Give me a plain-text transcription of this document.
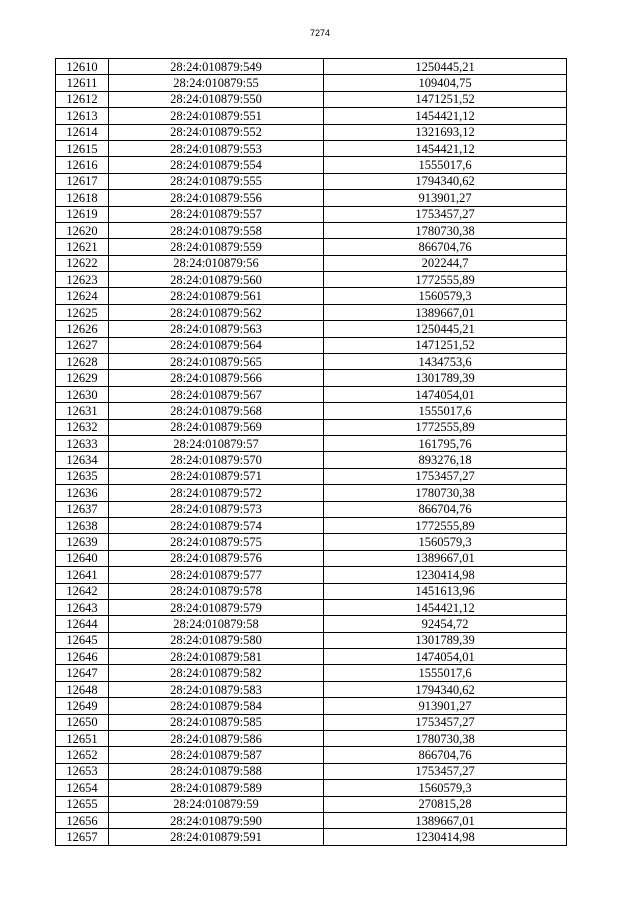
7274
12610	28:24:010879:549	1250445,21
12611	28:24:010879:55	109404,75
12612	28:24:010879:550	1471251,52
12613	28:24:010879:551	1454421,12
12614	28:24:010879:552	1321693,12
12615	28:24:010879:553	1454421,12
12616	28:24:010879:554	1555017,6
12617	28:24:010879:555	1794340,62
12618	28:24:010879:556	913901,27
12619	28:24:010879:557	1753457,27
12620	28:24:010879:558	1780730,38
12621	28:24:010879:559	866704,76
12622	28:24:010879:56	202244,7
12623	28:24:010879:560	1772555,89
12624	28:24:010879:561	1560579,3
12625	28:24:010879:562	1389667,01
12626	28:24:010879:563	1250445,21
12627	28:24:010879:564	1471251,52
12628	28:24:010879:565	1434753,6
12629	28:24:010879:566	1301789,39
12630	28:24:010879:567	1474054,01
12631	28:24:010879:568	1555017,6
12632	28:24:010879:569	1772555,89
12633	28:24:010879:57	161795,76
12634	28:24:010879:570	893276,18
12635	28:24:010879:571	1753457,27
12636	28:24:010879:572	1780730,38
12637	28:24:010879:573	866704,76
12638	28:24:010879:574	1772555,89
12639	28:24:010879:575	1560579,3
12640	28:24:010879:576	1389667,01
12641	28:24:010879:577	1230414,98
12642	28:24:010879:578	1451613,96
12643	28:24:010879:579	1454421,12
12644	28:24:010879:58	92454,72
12645	28:24:010879:580	1301789,39
12646	28:24:010879:581	1474054,01
12647	28:24:010879:582	1555017,6
12648	28:24:010879:583	1794340,62
12649	28:24:010879:584	913901,27
12650	28:24:010879:585	1753457,27
12651	28:24:010879:586	1780730,38
12652	28:24:010879:587	866704,76
12653	28:24:010879:588	1753457,27
12654	28:24:010879:589	1560579,3
12655	28:24:010879:59	270815,28
12656	28:24:010879:590	1389667,01
12657	28:24:010879:591	1230414,98
